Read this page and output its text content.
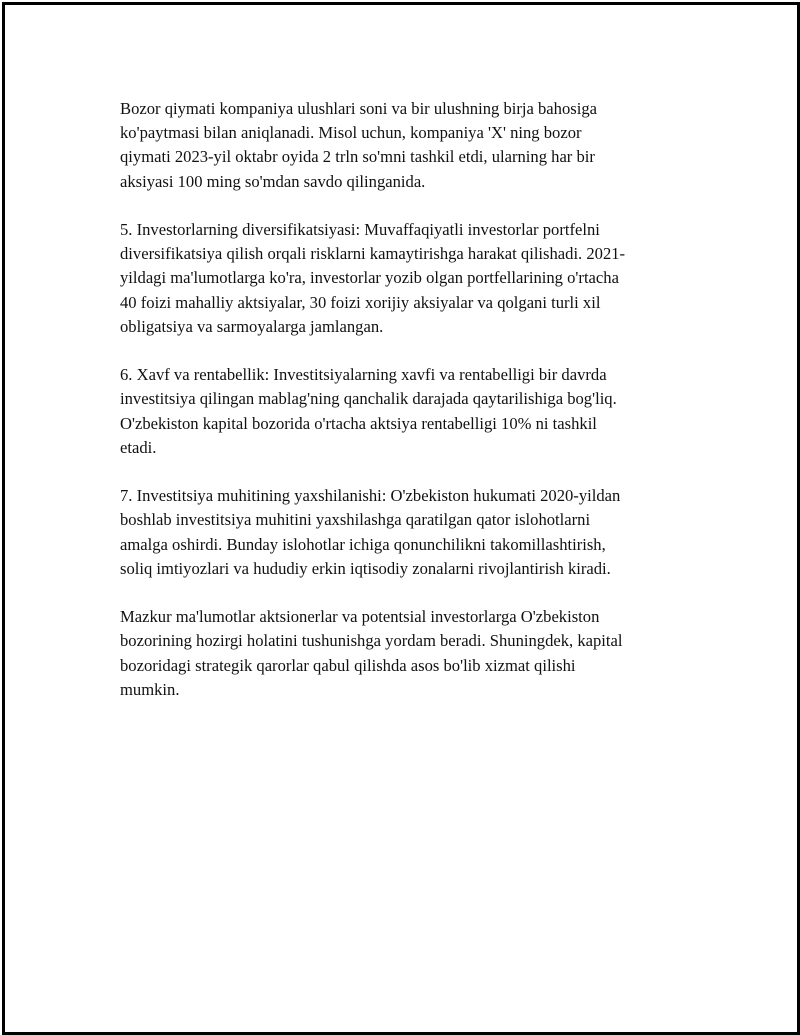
Bozor qiymati kompaniya ulushlari soni va bir ulushning birja bahosiga
ko'paytmasi bilan aniqlanadi. Misol uchun, kompaniya 'X' ning bozor
qiymati 2023-yil oktabr oyida 2 trln so'mni tashkil etdi, ularning har bir
aksiyasi 100 ming so'mdan savdo qilinganida.

5. Investorlarning diversifikatsiyasi: Muvaffaqiyatli investorlar portfelni
diversifikatsiya qilish orqali risklarni kamaytirishga harakat qilishadi. 2021-
yildagi ma'lumotlarga ko'ra, investorlar yozib olgan portfellarining o'rtacha
40 foizi mahalliy aktsiyalar, 30 foizi xorijiy aksiyalar va qolgani turli xil
obligatsiya va sarmoyalarga jamlangan.

6. Xavf va rentabellik: Investitsiyalarning xavfi va rentabelligi bir davrda
investitsiya qilingan mablag'ning qanchalik darajada qaytarilishiga bog'liq.
O'zbekiston kapital bozorida o'rtacha aktsiya rentabelligi 10% ni tashkil
etadi.

7. Investitsiya muhitining yaxshilanishi: O'zbekiston hukumati 2020-yildan
boshlab investitsiya muhitini yaxshilashga qaratilgan qator islohotlarni
amalga oshirdi. Bunday islohotlar ichiga qonunchilikni takomillashtirish,
soliq imtiyozlari va hududiy erkin iqtisodiy zonalarni rivojlantirish kiradi.

Mazkur ma'lumotlar aktsionerlar va potentsial investorlarga O'zbekiston
bozorining hozirgi holatini tushunishga yordam beradi. Shuningdek, kapital
bozoridagi strategik qarorlar qabul qilishda asos bo'lib xizmat qilishi
mumkin.
